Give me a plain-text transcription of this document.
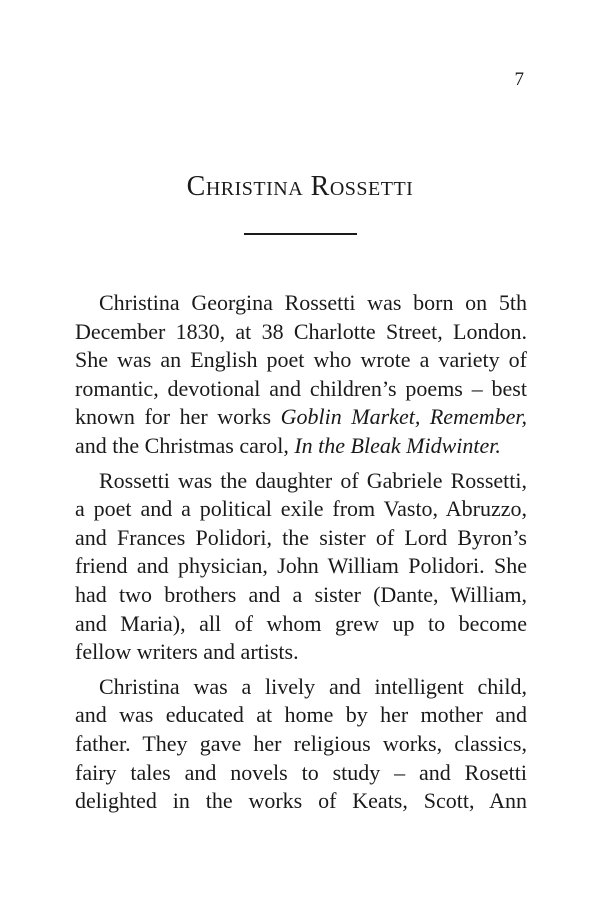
7
Christina Rossetti
Christina Georgina Rossetti was born on 5th
December 1830, at 38 Charlotte Street, London.
She was an English poet who wrote a variety of
romantic, devotional and children’s poems – best
known for her works Goblin Market, Remember,
and the Christmas carol, In the Bleak Midwinter.
Rossetti was the daughter of Gabriele Rossetti,
a poet and a political exile from Vasto, Abruzzo,
and Frances Polidori, the sister of Lord Byron’s
friend and physician, John William Polidori. She
had two brothers and a sister (Dante, William,
and Maria), all of whom grew up to become
fellow writers and artists.
Christina was a lively and intelligent child,
and was educated at home by her mother and
father. They gave her religious works, classics,
fairy tales and novels to study – and Rosetti
delighted in the works of Keats, Scott, Ann
